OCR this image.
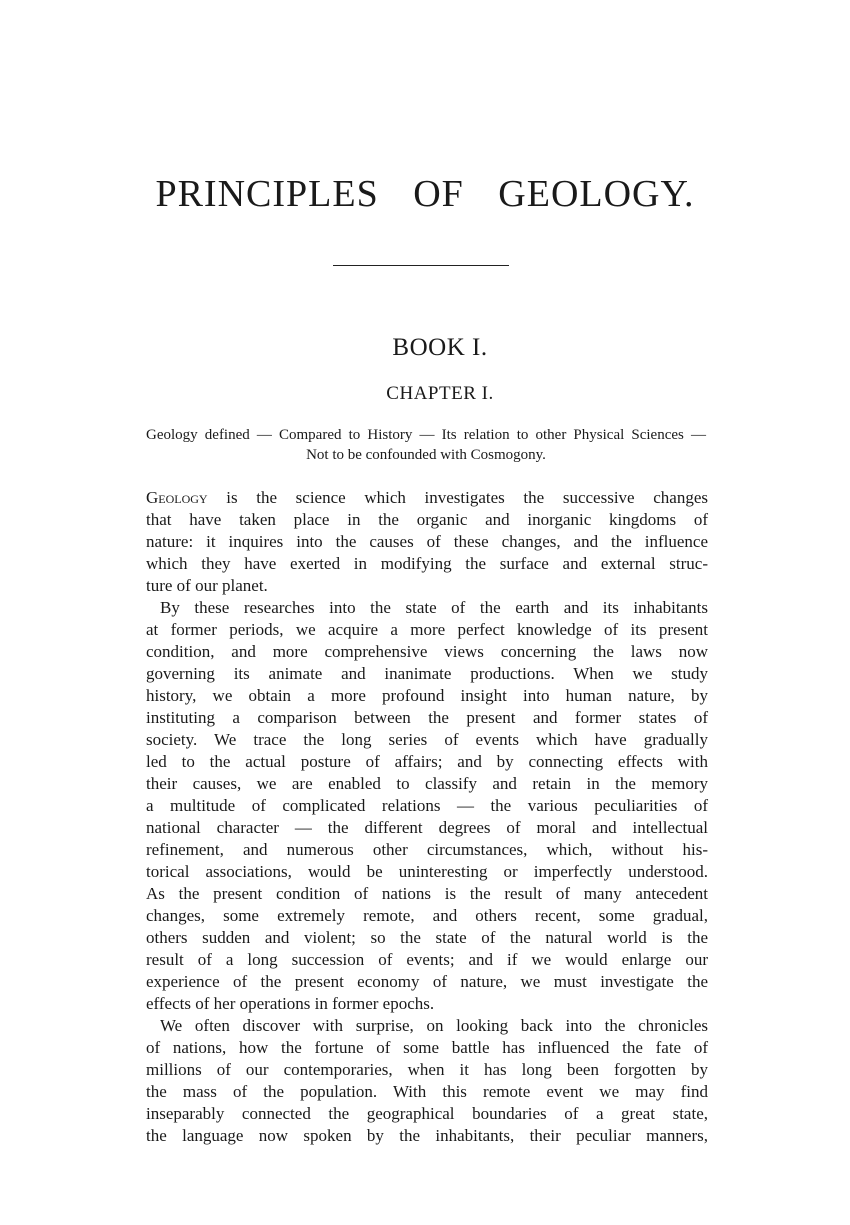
PRINCIPLES OF GEOLOGY.
BOOK I.
CHAPTER I.

Geology defined — Compared to History — Its relation to other Physical Sciences —
Not to be confounded with Cosmogony.

Geology is the science which investigates the successive changes
that have taken place in the organic and inorganic kingdoms of
nature: it inquires into the causes of these changes, and the influence
which they have exerted in modifying the surface and external struc-
ture of our planet.
By these researches into the state of the earth and its inhabitants
at former periods, we acquire a more perfect knowledge of its present
condition, and more comprehensive views concerning the laws now
governing its animate and inanimate productions. When we study
history, we obtain a more profound insight into human nature, by
instituting a comparison between the present and former states of
society. We trace the long series of events which have gradually
led to the actual posture of affairs; and by connecting effects with
their causes, we are enabled to classify and retain in the memory
a multitude of complicated relations — the various peculiarities of
national character — the different degrees of moral and intellectual
refinement, and numerous other circumstances, which, without his-
torical associations, would be uninteresting or imperfectly understood.
As the present condition of nations is the result of many antecedent
changes, some extremely remote, and others recent, some gradual,
others sudden and violent; so the state of the natural world is the
result of a long succession of events; and if we would enlarge our
experience of the present economy of nature, we must investigate the
effects of her operations in former epochs.
We often discover with surprise, on looking back into the chronicles
of nations, how the fortune of some battle has influenced the fate of
millions of our contemporaries, when it has long been forgotten by
the mass of the population. With this remote event we may find
inseparably connected the geographical boundaries of a great state,
the language now spoken by the inhabitants, their peculiar manners,
